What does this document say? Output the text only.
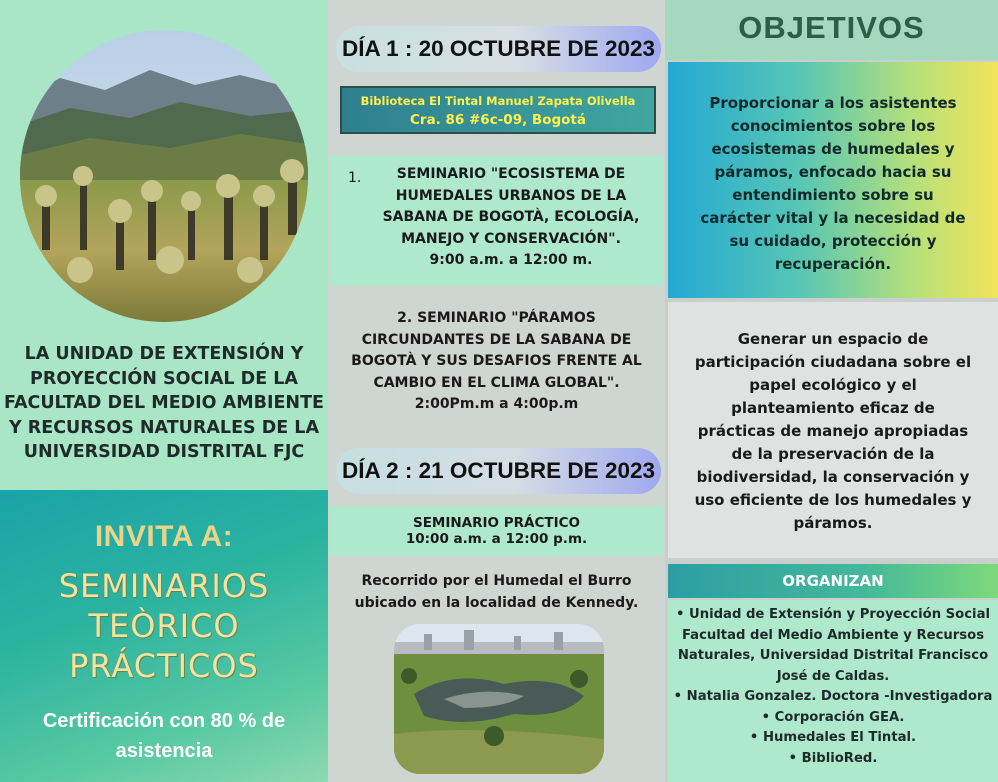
LA UNIDAD DE EXTENSIÓN Y
PROYECCIÓN SOCIAL DE LA
FACULTAD DEL MEDIO AMBIENTE
Y RECURSOS NATURALES DE LA
UNIVERSIDAD DISTRITAL FJC
INVITA A:
SEMINARIOS
TEÒRICO
PRÁCTICOS
Certificación con 80 % de
asistencia
DÍA 1 : 20 OCTUBRE DE 2023
Biblioteca El Tintal Manuel Zapata Olivella
Cra. 86 #6c-09, Bogotá
1.	SEMINARIO "ECOSISTEMA DE
HUMEDALES URBANOS DE LA
SABANA DE BOGOTÀ, ECOLOGÍA,
MANEJO Y CONSERVACIÓN".
9:00 a.m. a 12:00 m.
2. SEMINARIO "PÁRAMOS
CIRCUNDANTES DE LA SABANA DE
BOGOTÀ Y SUS DESAFIOS FRENTE AL
CAMBIO EN EL CLIMA GLOBAL".
2:00Pm.m a 4:00p.m
DÍA 2 : 21 OCTUBRE DE 2023
SEMINARIO PRÁCTICO
10:00 a.m. a 12:00 p.m.
Recorrido por el Humedal el Burro
ubicado en la localidad de Kennedy.
OBJETIVOS

Proporcionar a los asistentes
conocimientos sobre los
ecosistemas de humedales y
páramos, enfocado hacia su
entendimiento sobre su
carácter vital y la necesidad de
su cuidado, protección y
recuperación.

Generar un espacio de
participación ciudadana sobre el
papel ecológico y el
planteamiento eficaz de
prácticas de manejo apropiadas
de la preservación de la
biodiversidad, la conservación y
uso eficiente de los humedales y
páramos.

ORGANIZAN
• Unidad de Extensión y Proyección Social
Facultad del Medio Ambiente y Recursos
Naturales, Universidad Distrital Francisco
José de Caldas.
• Natalia Gonzalez. Doctora -Investigadora
• Corporación GEA.
• Humedales El Tintal.
• BiblioRed.
